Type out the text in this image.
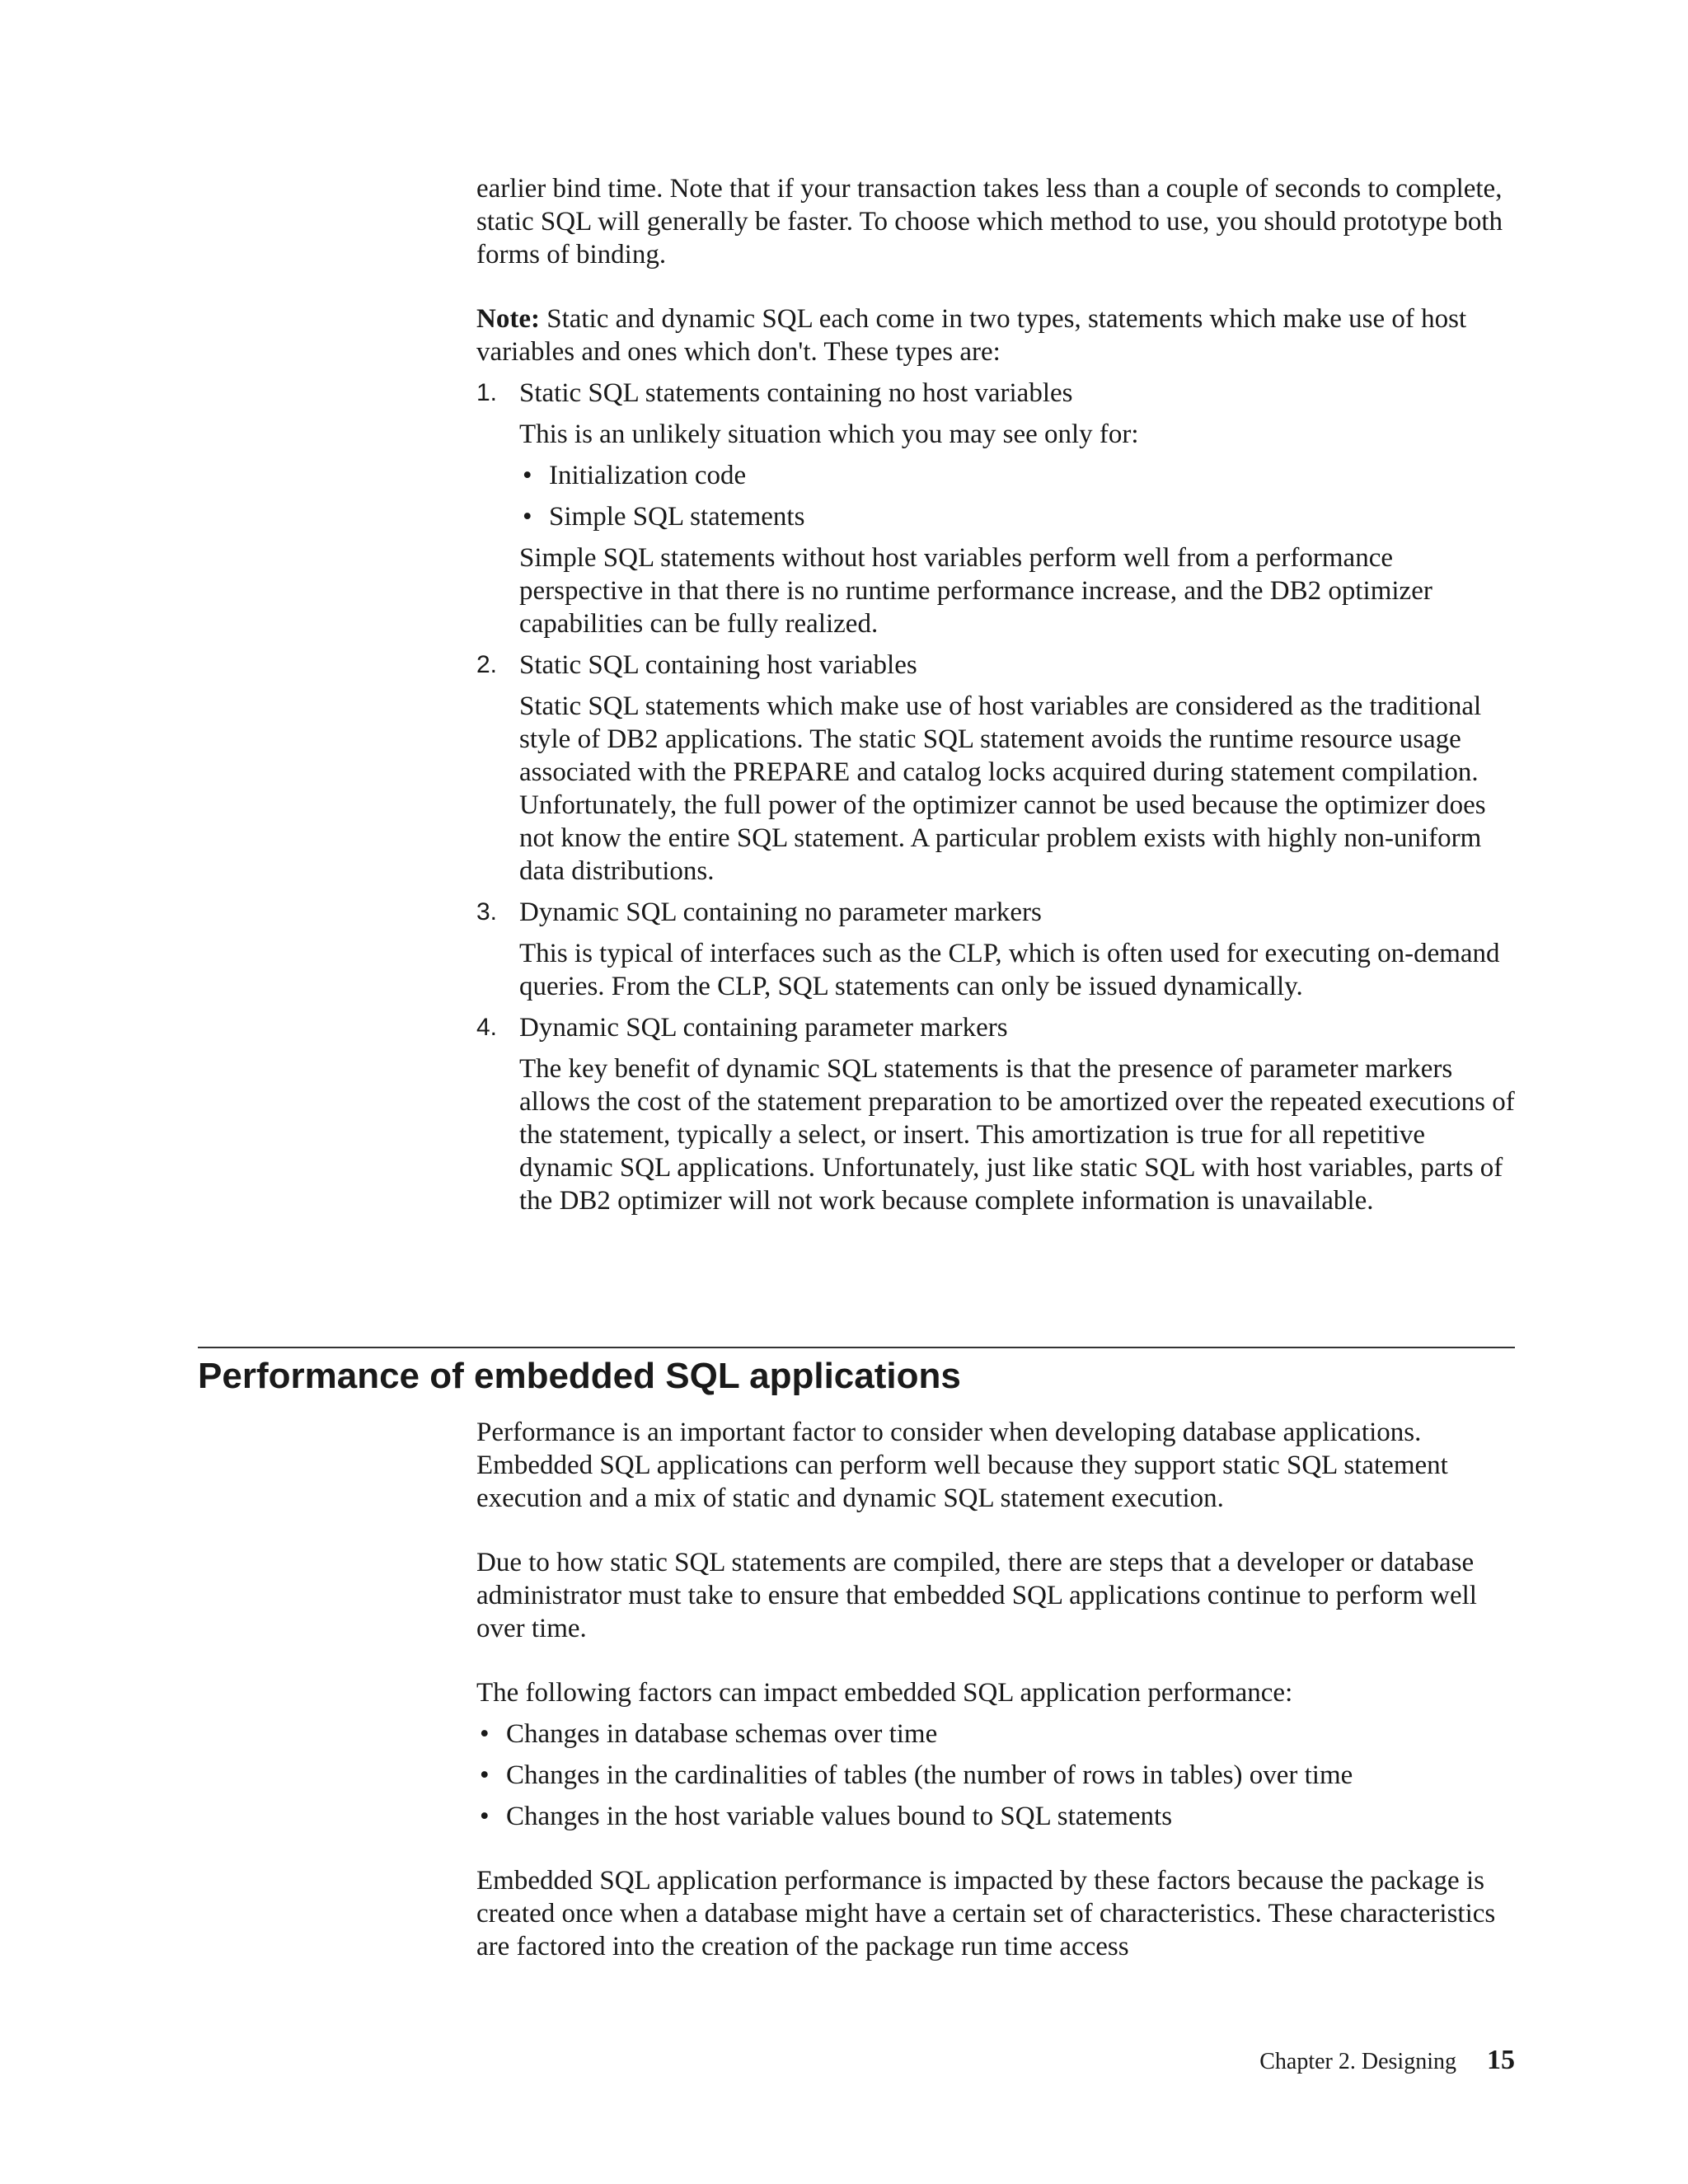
earlier bind time. Note that if your transaction takes less than a couple of seconds to complete, static SQL will generally be faster. To choose which method to use, you should prototype both forms of binding.

Note: Static and dynamic SQL each come in two types, statements which make use of host variables and ones which don't. These types are:

1. Static SQL statements containing no host variables

This is an unlikely situation which you may see only for:

• Initialization code
• Simple SQL statements

Simple SQL statements without host variables perform well from a performance perspective in that there is no runtime performance increase, and the DB2 optimizer capabilities can be fully realized.

2. Static SQL containing host variables

Static SQL statements which make use of host variables are considered as the traditional style of DB2 applications. The static SQL statement avoids the runtime resource usage associated with the PREPARE and catalog locks acquired during statement compilation. Unfortunately, the full power of the optimizer cannot be used because the optimizer does not know the entire SQL statement. A particular problem exists with highly non-uniform data distributions.

3. Dynamic SQL containing no parameter markers

This is typical of interfaces such as the CLP, which is often used for executing on-demand queries. From the CLP, SQL statements can only be issued dynamically.

4. Dynamic SQL containing parameter markers

The key benefit of dynamic SQL statements is that the presence of parameter markers allows the cost of the statement preparation to be amortized over the repeated executions of the statement, typically a select, or insert. This amortization is true for all repetitive dynamic SQL applications. Unfortunately, just like static SQL with host variables, parts of the DB2 optimizer will not work because complete information is unavailable.

Performance of embedded SQL applications

Performance is an important factor to consider when developing database applications. Embedded SQL applications can perform well because they support static SQL statement execution and a mix of static and dynamic SQL statement execution.

Due to how static SQL statements are compiled, there are steps that a developer or database administrator must take to ensure that embedded SQL applications continue to perform well over time.

The following factors can impact embedded SQL application performance:

• Changes in database schemas over time
• Changes in the cardinalities of tables (the number of rows in tables) over time
• Changes in the host variable values bound to SQL statements

Embedded SQL application performance is impacted by these factors because the package is created once when a database might have a certain set of characteristics. These characteristics are factored into the creation of the package run time access

Chapter 2. Designing 15
